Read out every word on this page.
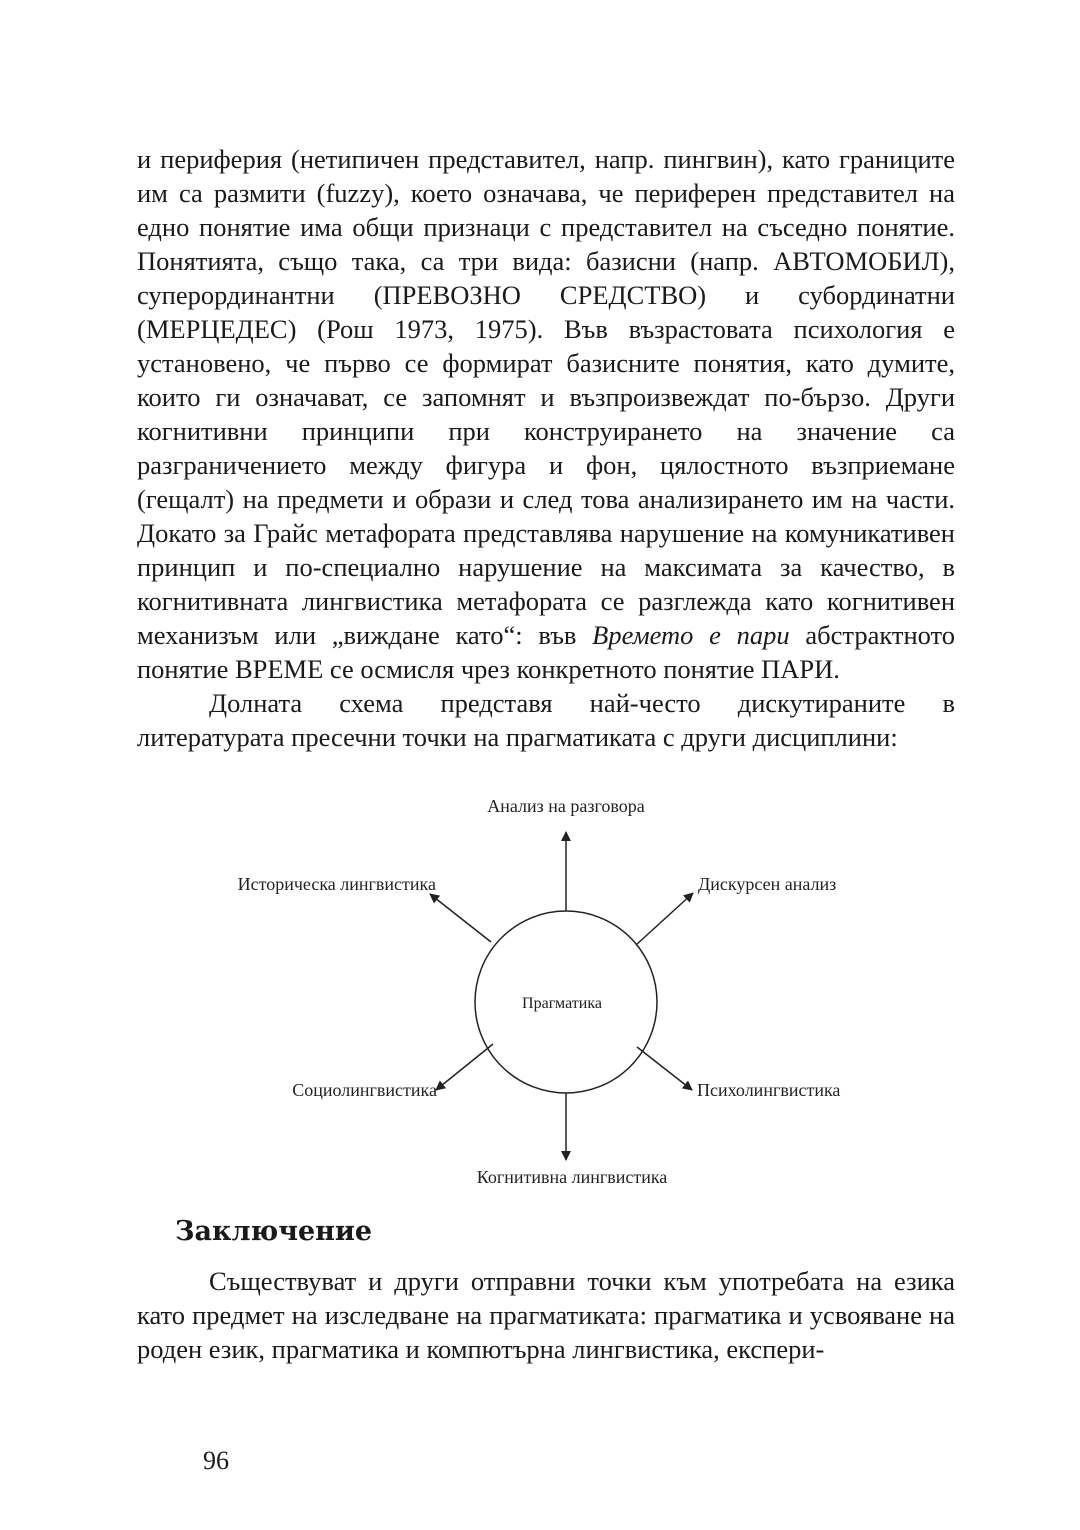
и периферия (нетипичен представител, напр. пингвин), като границите им са размити (fuzzy), което означава, че периферен представител на едно понятие има общи признаци с представител на съседно понятие. Понятията, също така, са три вида: базисни (напр. АВТОМОБИЛ), суперординантни (ПРЕВОЗНО СРЕДСТВО) и субординатни (МЕРЦЕДЕС) (Рош 1973, 1975). Във възрастовата психология е установено, че първо се формират базисните понятия, като думите, които ги означават, се запомнят и възпроизвеждат по-бързо. Други когнитивни принципи при конструирането на значение са разграничението между фигура и фон, цялостното възприемане (гещалт) на предмети и образи и след това анализирането им на части. Докато за Грайс метафората представлява нарушение на комуникативен принцип и по-специално нарушение на максимата за качество, в когнитивната лингвистика метафората се разглежда като когнитивен механизъм или „виждане като“: във Времето е пари абстрактното понятие ВРЕМЕ се осмисля чрез конкретното понятие ПАРИ.

Долната схема представя най-често дискутираните в литературата пресечни точки на прагматиката с други дисциплини:

Прагматика
Анализ на разговора
Дискурсен анализ
Психолингвистика
Когнитивна лингвистика
Социолингвистика
Историческа лингвистика
Заключение

Съществуват и други отправни точки към употребата на езика като предмет на изследване на прагматиката: прагматика и усвояване на роден език, прагматика и компютърна лингвистика, експери-

96
